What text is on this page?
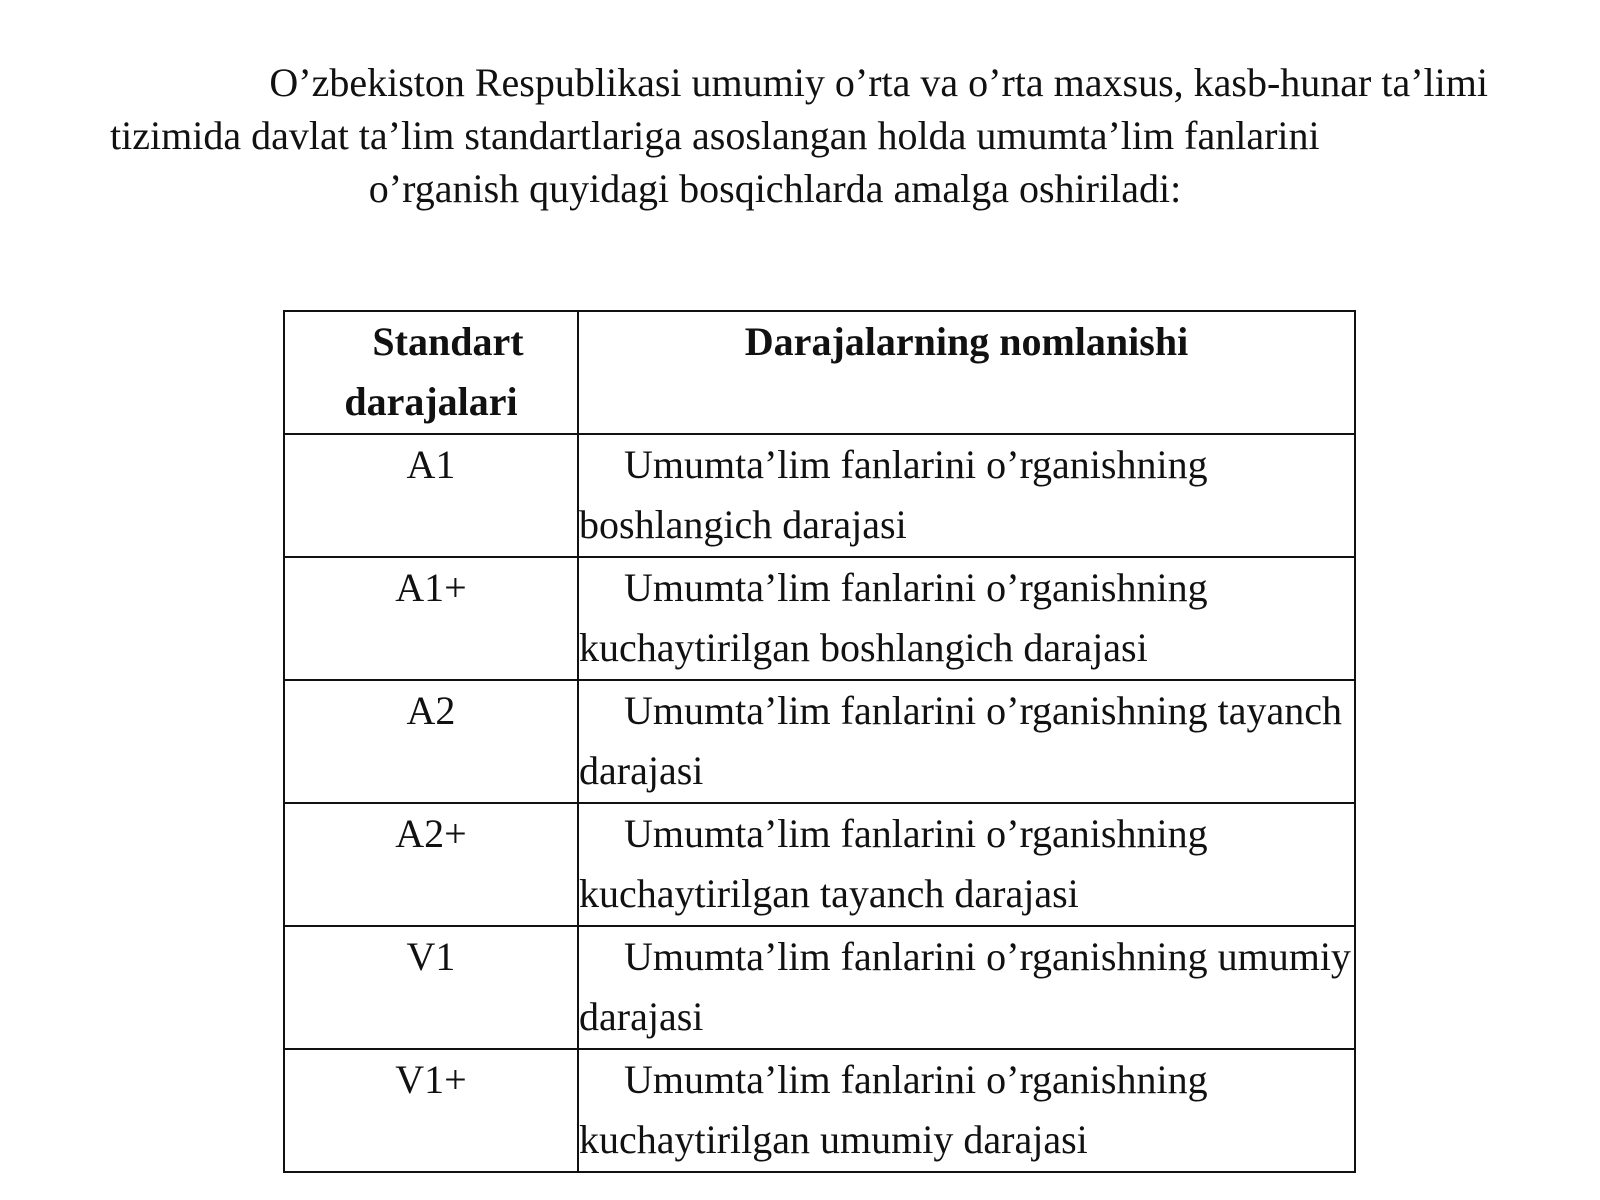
O’zbekiston Respublikasi umumiy o’rta va o’rta maxsus, kasb-hunar ta’limi
tizimida davlat ta’lim standartlariga asoslangan holda umumta’lim fanlarini
o’rganish quyidagi bosqichlarda amalga oshiriladi:

Standart
darajalari	Darajalarning nomlanishi
A1	Umumta’lim fanlarini o’rganishning boshlangich darajasi
A1+	Umumta’lim fanlarini o’rganishning kuchaytirilgan boshlangich darajasi
A2	Umumta’lim fanlarini o’rganishning tayanch darajasi
A2+	Umumta’lim fanlarini o’rganishning kuchaytirilgan tayanch darajasi
V1	Umumta’lim fanlarini o’rganishning umumiy darajasi
V1+	Umumta’lim fanlarini o’rganishning kuchaytirilgan umumiy darajasi
